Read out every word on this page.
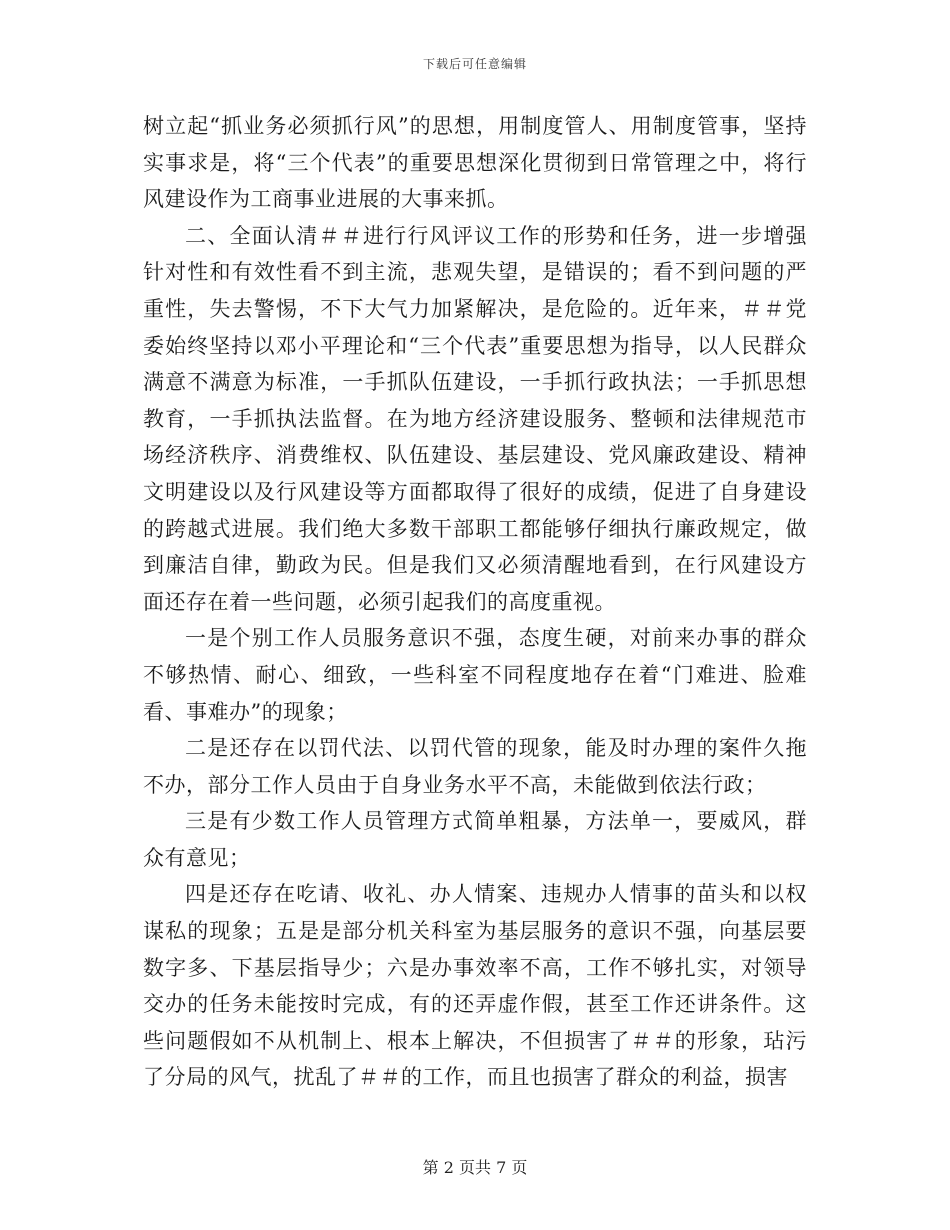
下载后可任意编辑

树立起“抓业务必须抓行风”的思想，用制度管人、用制度管事，坚持实事求是，将“三个代表”的重要思想深化贯彻到日常管理之中，将行风建设作为工商事业进展的大事来抓。

二、全面认清＃＃进行行风评议工作的形势和任务，进一步增强针对性和有效性看不到主流，悲观失望，是错误的；看不到问题的严重性，失去警惕，不下大气力加紧解决，是危险的。近年来，＃＃党委始终坚持以邓小平理论和“三个代表”重要思想为指导，以人民群众满意不满意为标准，一手抓队伍建设，一手抓行政执法；一手抓思想教育，一手抓执法监督。在为地方经济建设服务、整顿和法律规范市场经济秩序、消费维权、队伍建设、基层建设、党风廉政建设、精神文明建设以及行风建设等方面都取得了很好的成绩，促进了自身建设的跨越式进展。我们绝大多数干部职工都能够仔细执行廉政规定，做到廉洁自律，勤政为民。但是我们又必须清醒地看到，在行风建设方面还存在着一些问题，必须引起我们的高度重视。

一是个别工作人员服务意识不强，态度生硬，对前来办事的群众不够热情、耐心、细致，一些科室不同程度地存在着“门难进、脸难看、事难办”的现象；

二是还存在以罚代法、以罚代管的现象，能及时办理的案件久拖不办，部分工作人员由于自身业务水平不高，未能做到依法行政；

三是有少数工作人员管理方式简单粗暴，方法单一，要威风，群众有意见；

四是还存在吃请、收礼、办人情案、违规办人情事的苗头和以权谋私的现象；五是是部分机关科室为基层服务的意识不强，向基层要数字多、下基层指导少；六是办事效率不高，工作不够扎实，对领导交办的任务未能按时完成，有的还弄虚作假，甚至工作还讲条件。这些问题假如不从机制上、根本上解决，不但损害了＃＃的形象，玷污了分局的风气，扰乱了＃＃的工作，而且也损害了群众的利益，损害

第 2 页共 7 页
